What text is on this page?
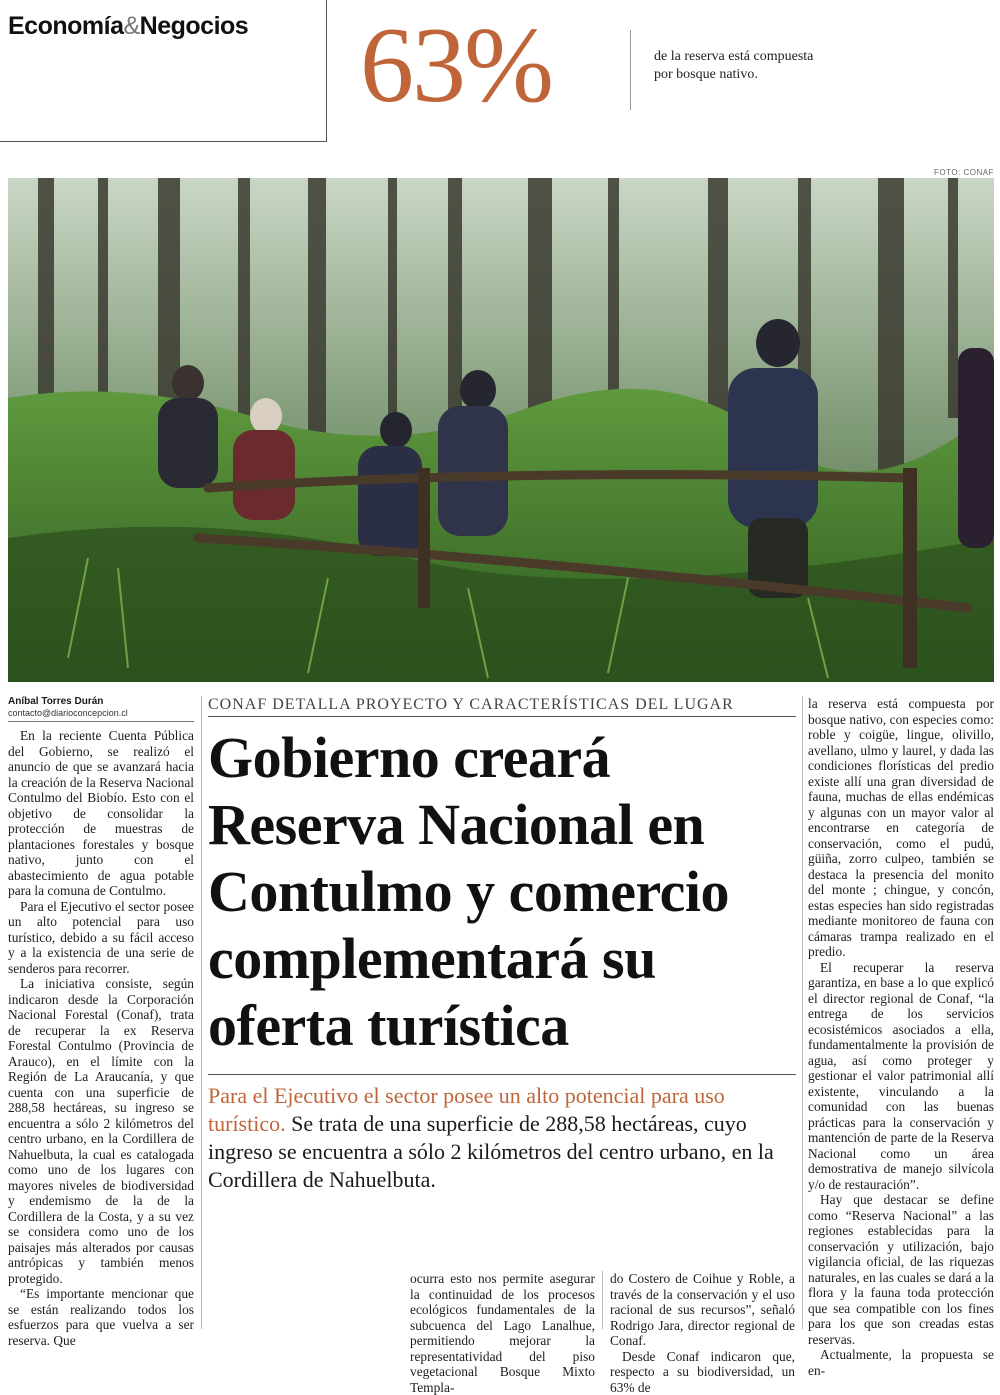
Economía&Negocios 63%	de la reserva está compuesta por bosque nativo.
FOTO: CONAF
Aníbal Torres Durán
contacto@diarioconcepcion.cl

En la reciente Cuenta Pública del Gobierno, se realizó el anuncio de que se avanzará hacia la creación de la Reserva Nacional Contulmo del Biobío. Esto con el objetivo de consolidar la protección de muestras de plantaciones forestales y bosque nativo, junto con el abastecimiento de agua potable para la comuna de Contulmo.

Para el Ejecutivo el sector posee un alto potencial para uso turístico, debido a su fácil acceso y a la existencia de una serie de senderos para recorrer.

La iniciativa consiste, según indicaron desde la Corporación Nacional Forestal (Conaf), trata de recuperar la ex Reserva Forestal Contulmo (Provincia de Arauco), en el límite con la Región de La Araucanía, y que cuenta con una superficie de 288,58 hectáreas, su ingreso se encuentra a sólo 2 kilómetros del centro urbano, en la Cordillera de Nahuelbuta, la cual es catalogada como uno de los lugares con mayores niveles de biodiversidad y endemismo de la de la Cordillera de la Costa, y a su vez se considera como uno de los paisajes más alterados por causas antrópicas y también menos protegido.

“Es importante mencionar que se están realizando todos los esfuerzos para que vuelva a ser reserva. Que

CONAF DETALLA PROYECTO Y CARACTERÍSTICAS DEL LUGAR
Gobierno creará Reserva Nacional en Contulmo y comercio complementará su oferta turística
Para el Ejecutivo el sector posee un alto potencial para uso turístico. Se trata de una superficie de 288,58 hectáreas, cuyo ingreso se encuentra a sólo 2 kilómetros del centro urbano, en la Cordillera de Nahuelbuta.

ocurra esto nos permite asegurar la continuidad de los procesos ecológicos fundamentales de la subcuenca del Lago Lanalhue, permitiendo mejorar la representatividad del piso vegetacional Bosque Mixto Templa-

do Costero de Coihue y Roble, a través de la conservación y el uso racional de sus recursos”, señaló Rodrigo Jara, director regional de Conaf.

Desde Conaf indicaron que, respecto a su biodiversidad, un 63% de

la reserva está compuesta por bosque nativo, con especies como: roble y coigüe, lingue, olivillo, avellano, ulmo y laurel, y dada las condiciones florísticas del predio existe allí una gran diversidad de fauna, muchas de ellas endémicas y algunas con un mayor valor al encontrarse en categoría de conservación, como el pudú, güiña, zorro culpeo, también se destaca la presencia del monito del monte ; chingue, y concón, estas especies han sido registradas mediante monitoreo de fauna con cámaras trampa realizado en el predio.

El recuperar la reserva garantiza, en base a lo que explicó el director regional de Conaf, “la entrega de los servicios ecosistémicos asociados a ella, fundamentalmente la provisión de agua, así como proteger y gestionar el valor patrimonial allí existente, vinculando a la comunidad con las buenas prácticas para la conservación y mantención de parte de la Reserva Nacional como un área demostrativa de manejo silvícola y/o de restauración”.

Hay que destacar se define como “Reserva Nacional” a las regiones establecidas para la conservación y utilización, bajo vigilancia oficial, de las riquezas naturales, en las cuales se dará a la flora y la fauna toda protección que sea compatible con los fines para los que son creadas estas reservas.

Actualmente, la propuesta se en-
